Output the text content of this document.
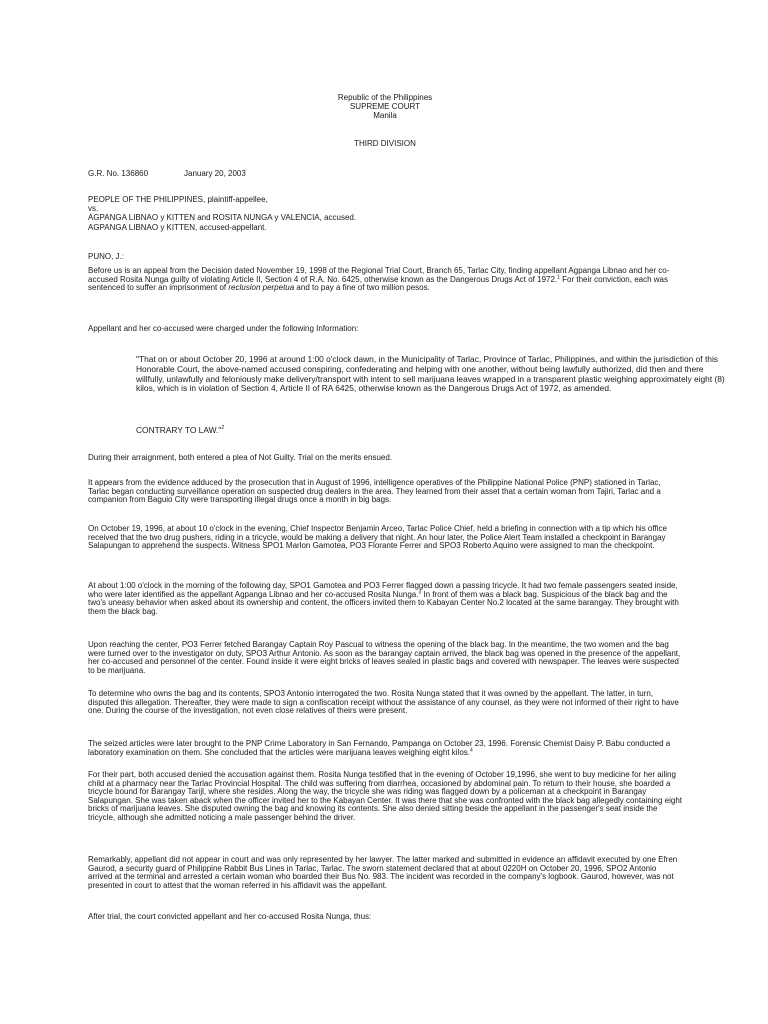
Republic of the Philippines
SUPREME COURT
Manila
THIRD DIVISION
G.R. No. 136860	January 20, 2003
PEOPLE OF THE PHILIPPINES, plaintiff-appellee,
vs.
AGPANGA LIBNAO y KITTEN and ROSITA NUNGA y VALENCIA, accused.
AGPANGA LIBNAO y KITTEN, accused-appellant.
PUNO, J.:

Before us is an appeal from the Decision dated November 19, 1998 of the Regional Trial Court, Branch 65, Tarlac City, finding appellant Agpanga Libnao and her co-accused Rosita Nunga guilty of violating Article II, Section 4 of R.A. No. 6425, otherwise known as the Dangerous Drugs Act of 1972.$^1$ For their conviction, each was sentenced to suffer an imprisonment of reclusion perpetua and to pay a fine of two million pesos.

Appellant and her co-accused were charged under the following Information:

"That on or about October 20, 1996 at around 1:00 o'clock dawn, in the Municipality of Tarlac, Province of Tarlac, Philippines, and within the jurisdiction of this Honorable Court, the above-named accused conspiring, confederating and helping with one another, without being lawfully authorized, did then and there willfully, unlawfully and feloniously make delivery/transport with intent to sell marijuana leaves wrapped in a transparent plastic weighing approximately eight (8) kilos, which is in violation of Section 4, Article II of RA 6425, otherwise known as the Dangerous Drugs Act of 1972, as amended.

CONTRARY TO LAW."$^2$

During their arraignment, both entered a plea of Not Guilty. Trial on the merits ensued.

It appears from the evidence adduced by the prosecution that in August of 1996, intelligence operatives of the Philippine National Police (PNP) stationed in Tarlac, Tarlac began conducting surveillance operation on suspected drug dealers in the area. They learned from their asset that a certain woman from Tajiri, Tarlac and a companion from Baguio City were transporting illegal drugs once a month in big bags.

On October 19, 1996, at about 10 o'clock in the evening, Chief Inspector Benjamin Arceo, Tarlac Police Chief, held a briefing in connection with a tip which his office received that the two drug pushers, riding in a tricycle, would be making a delivery that night. An hour later, the Police Alert Team installed a checkpoint in Barangay Salapungan to apprehend the suspects. Witness SPO1 Marlon Gamotea, PO3 Florante Ferrer and SPO3 Roberto Aquino were assigned to man the checkpoint.

At about 1:00 o'clock in the morning of the following day, SPO1 Gamotea and PO3 Ferrer flagged down a passing tricycle. It had two female passengers seated inside, who were later identified as the appellant Agpanga Libnao and her co-accused Rosita Nunga.$^3$ In front of them was a black bag. Suspicious of the black bag and the two's uneasy behavior when asked about its ownership and content, the officers invited them to Kabayan Center No.2 located at the same barangay. They brought with them the black bag.

Upon reaching the center, PO3 Ferrer fetched Barangay Captain Roy Pascual to witness the opening of the black bag. In the meantime, the two women and the bag were turned over to the investigator on duty, SPO3 Arthur Antonio. As soon as the barangay captain arrived, the black bag was opened in the presence of the appellant, her co-accused and personnel of the center. Found inside it were eight bricks of leaves sealed in plastic bags and covered with newspaper. The leaves were suspected to be marijuana.

To determine who owns the bag and its contents, SPO3 Antonio interrogated the two. Rosita Nunga stated that it was owned by the appellant. The latter, in turn, disputed this allegation. Thereafter, they were made to sign a confiscation receipt without the assistance of any counsel, as they were not informed of their right to have one. During the course of the investigation, not even close relatives of theirs were present.

The seized articles were later brought to the PNP Crime Laboratory in San Fernando, Pampanga on October 23, 1996. Forensic Chemist Daisy P. Babu conducted a laboratory examination on them. She concluded that the articles were marijuana leaves weighing eight kilos.$^4$

For their part, both accused denied the accusation against them. Rosita Nunga testified that in the evening of October 19,1996, she went to buy medicine for her ailing child at a pharmacy near the Tarlac Provincial Hospital. The child was suffering from diarrhea, occasioned by abdominal pain. To return to their house, she boarded a tricycle bound for Barangay Tarijl, where she resides. Along the way, the tricycle she was riding was flagged down by a policeman at a checkpoint in Barangay Salapungan. She was taken aback when the officer invited her to the Kabayan Center. It was there that she was confronted with the black bag allegedly containing eight bricks of marijuana leaves. She disputed owning the bag and knowing its contents. She also denied sitting beside the appellant in the passenger's seat inside the tricycle, although she admitted noticing a male passenger behind the driver.

Remarkably, appellant did not appear in court and was only represented by her lawyer. The latter marked and submitted in evidence an affidavit executed by one Efren Gaurod, a security guard of Philippine Rabbit Bus Lines in Tarlac, Tarlac. The sworn statement declared that at about 0220H on October 20, 1996, SPO2 Antonio arrived at the terminal and arrested a certain woman who boarded their Bus No. 983. The incident was recorded in the company's logbook. Gaurod, however, was not presented in court to attest that the woman referred in his affidavit was the appellant.

After trial, the court convicted appellant and her co-accused Rosita Nunga, thus:
